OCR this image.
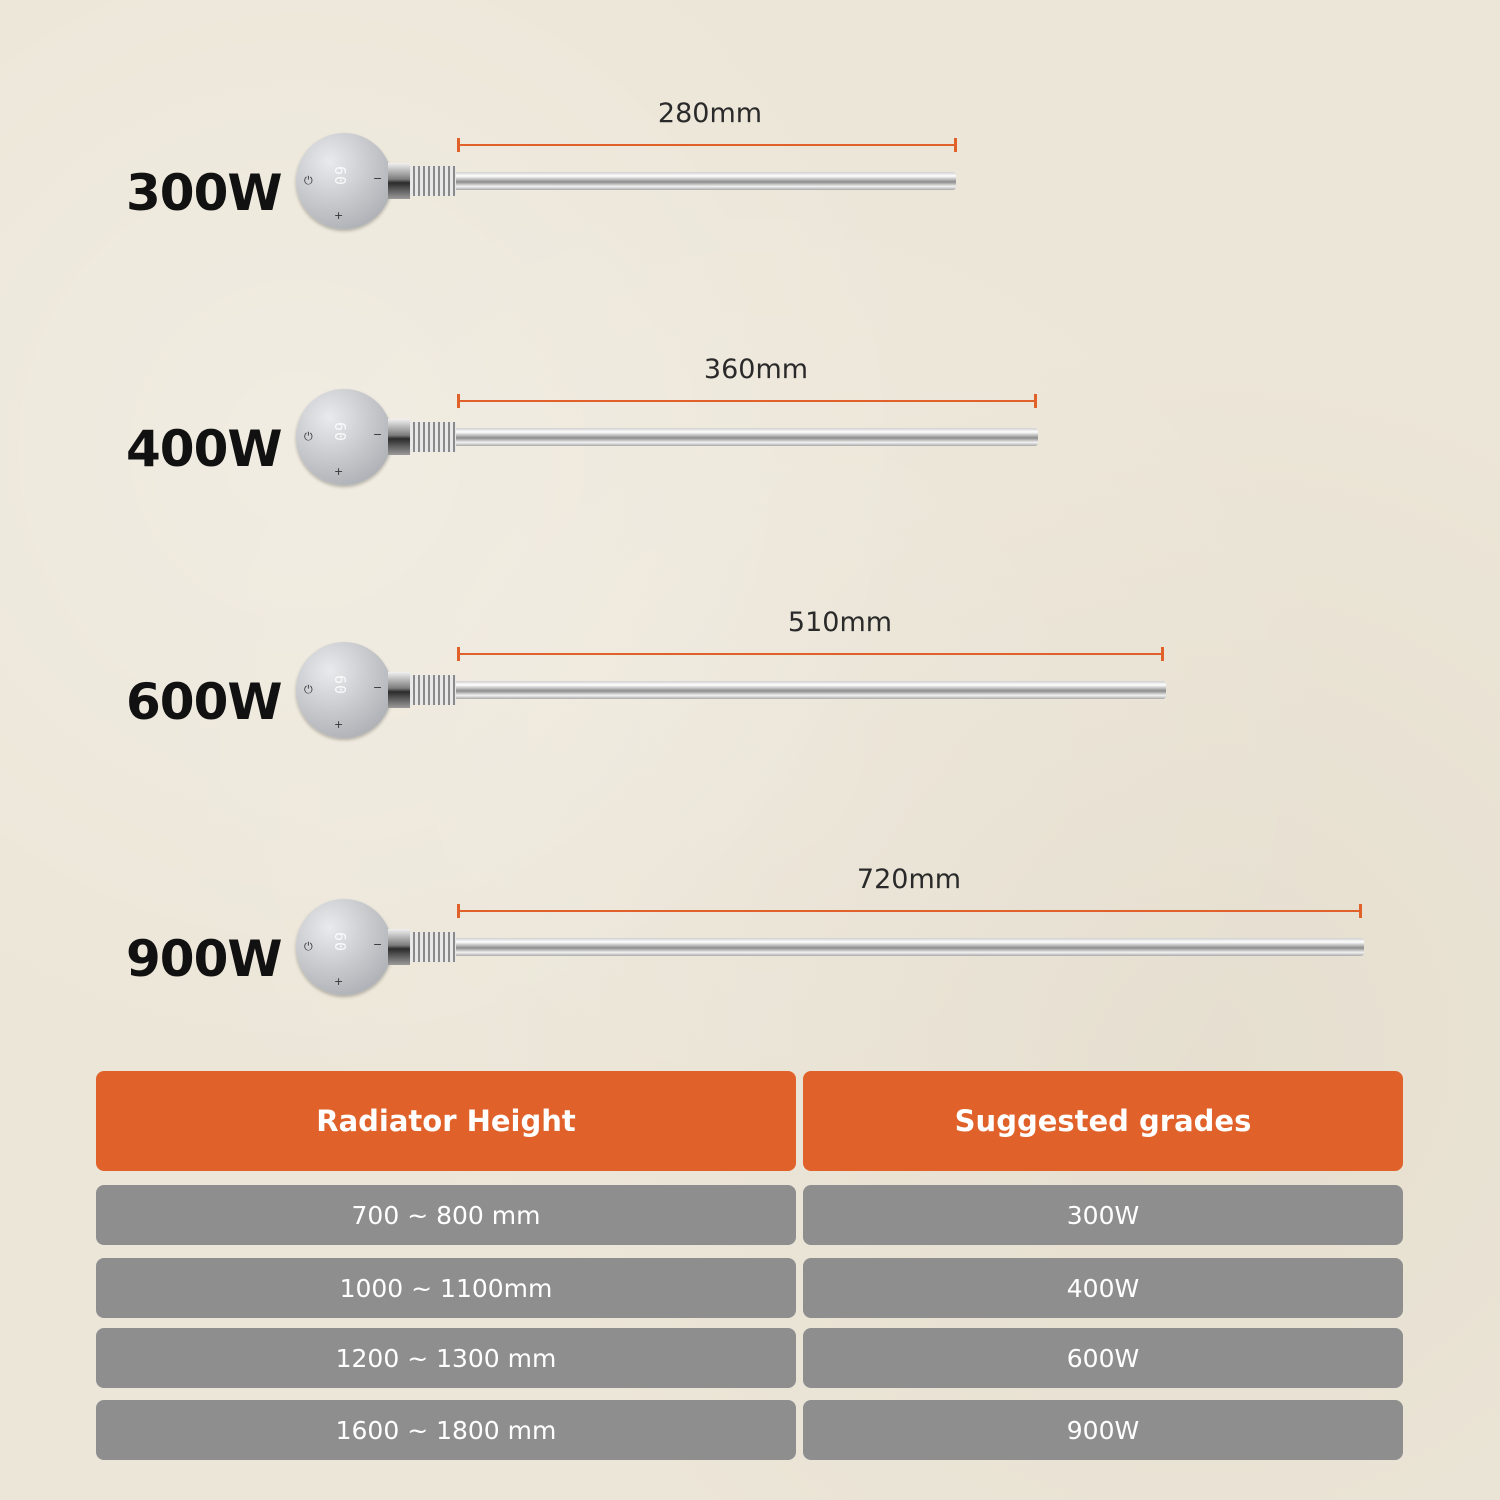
300W
280mm
60
⏻	−
+
400W
360mm
60
⏻	−
+
600W
510mm
60
⏻	−
+
900W
720mm
60
⏻	−
+
Radiator Height	Suggested grades
700 ~ 800 mm	300W
1000 ~ 1100mm	400W
1200 ~ 1300 mm	600W
1600 ~ 1800 mm	900W
